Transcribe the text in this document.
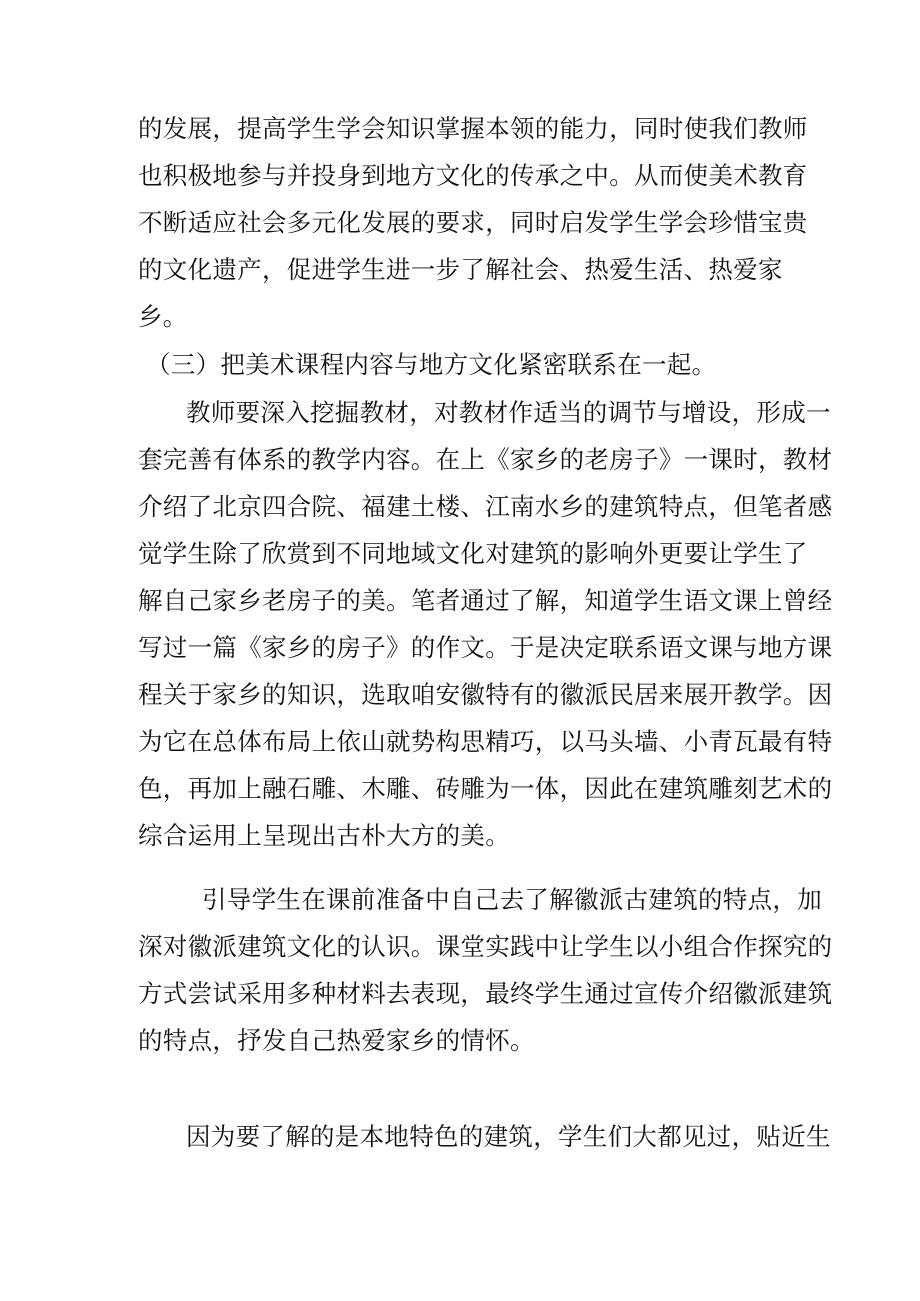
的发展，提高学生学会知识掌握本领的能力，同时使我们教师
也积极地参与并投身到地方文化的传承之中。从而使美术教育
不断适应社会多元化发展的要求，同时启发学生学会珍惜宝贵
的文化遗产，促进学生进一步了解社会、热爱生活、热爱家
乡。
（三）把美术课程内容与地方文化紧密联系在一起。
教师要深入挖掘教材，对教材作适当的调节与增设，形成一
套完善有体系的教学内容。在上《家乡的老房子》一课时，教材
介绍了北京四合院、福建土楼、江南水乡的建筑特点，但笔者感
觉学生除了欣赏到不同地域文化对建筑的影响外更要让学生了
解自己家乡老房子的美。笔者通过了解，知道学生语文课上曾经
写过一篇《家乡的房子》的作文。于是决定联系语文课与地方课
程关于家乡的知识，选取咱安徽特有的徽派民居来展开教学。因
为它在总体布局上依山就势构思精巧，以马头墙、小青瓦最有特
色，再加上融石雕、木雕、砖雕为一体，因此在建筑雕刻艺术的
综合运用上呈现出古朴大方的美。
引导学生在课前准备中自己去了解徽派古建筑的特点，加
深对徽派建筑文化的认识。课堂实践中让学生以小组合作探究的
方式尝试采用多种材料去表现，最终学生通过宣传介绍徽派建筑
的特点，抒发自己热爱家乡的情怀。
因为要了解的是本地特色的建筑，学生们大都见过，贴近生
